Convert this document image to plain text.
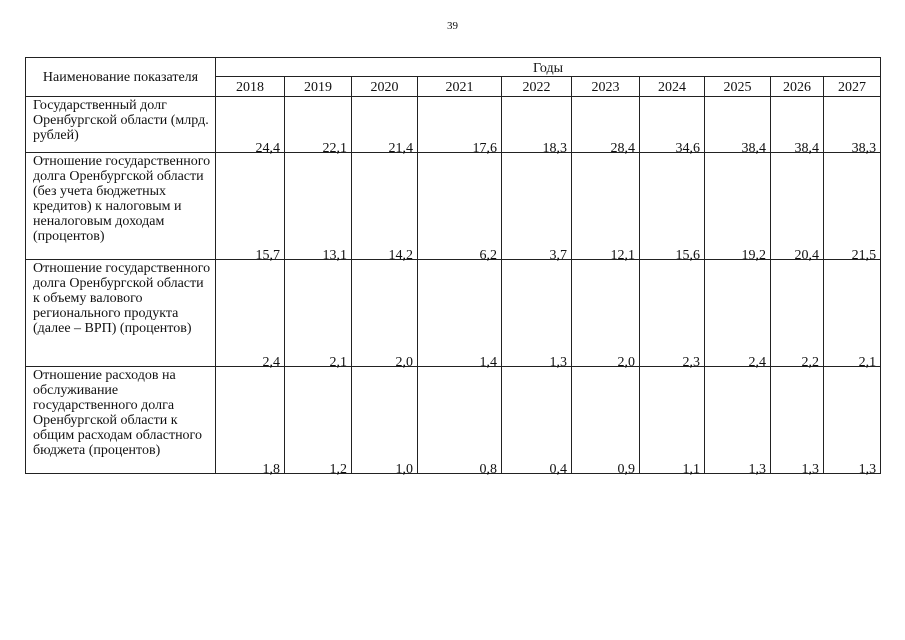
39
Наименование показателя	Годы									
	2018	2019	2020	2021	2022	2023	2024	2025	2026	2027
Государственный долг Оренбургской области (млрд. рублей)	24,4	22,1	21,4	17,6	18,3	28,4	34,6	38,4	38,4	38,3
Отношение государственного долга Оренбургской области (без учета бюджетных кредитов) к налоговым и неналоговым доходам (процентов)	15,7	13,1	14,2	6,2	3,7	12,1	15,6	19,2	20,4	21,5
Отношение государственного долга Оренбургской области к объему валового регионального продукта (далее – ВРП) (процентов)	2,4	2,1	2,0	1,4	1,3	2,0	2,3	2,4	2,2	2,1
Отношение расходов на обслуживание государственного долга Оренбургской области к общим расходам областного бюджета (процентов)	1,8	1,2	1,0	0,8	0,4	0,9	1,1	1,3	1,3	1,3
